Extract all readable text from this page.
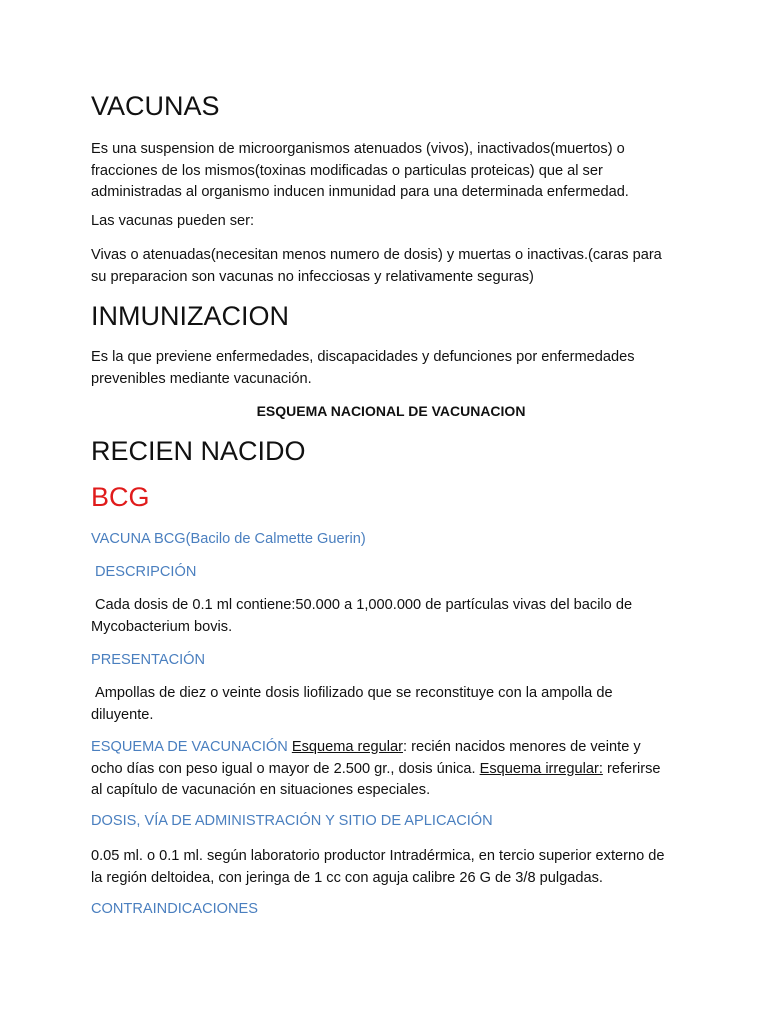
VACUNAS
Es una suspension de microorganismos atenuados (vivos), inactivados(muertos) o fracciones de los mismos(toxinas modificadas o particulas proteicas) que al ser administradas al organismo inducen inmunidad para una determinada enfermedad.
Las vacunas pueden ser:
Vivas o atenuadas(necesitan menos numero de dosis) y muertas o inactivas.(caras para su preparacion son vacunas no infecciosas y relativamente seguras)
INMUNIZACION
Es la que previene enfermedades, discapacidades y defunciones por enfermedades prevenibles mediante vacunación.
ESQUEMA NACIONAL DE VACUNACION
RECIEN NACIDO
BCG
VACUNA BCG(Bacilo de Calmette Guerin)
DESCRIPCIÓN
Cada dosis de 0.1 ml contiene:50.000 a 1,000.000 de partículas vivas del bacilo de Mycobacterium bovis.
PRESENTACIÓN
Ampollas de diez o veinte dosis liofilizado que se reconstituye con la ampolla de diluyente.
ESQUEMA DE VACUNACIÓN Esquema regular: recién nacidos menores de veinte y ocho días con peso igual o mayor de 2.500 gr., dosis única. Esquema irregular: referirse al capítulo de vacunación en situaciones especiales.
DOSIS, VÍA DE ADMINISTRACIÓN Y SITIO DE APLICACIÓN
0.05 ml. o 0.1 ml. según laboratorio productor Intradérmica, en tercio superior externo de la región deltoidea, con jeringa de 1 cc con aguja calibre 26 G de 3/8 pulgadas.
CONTRAINDICACIONES
